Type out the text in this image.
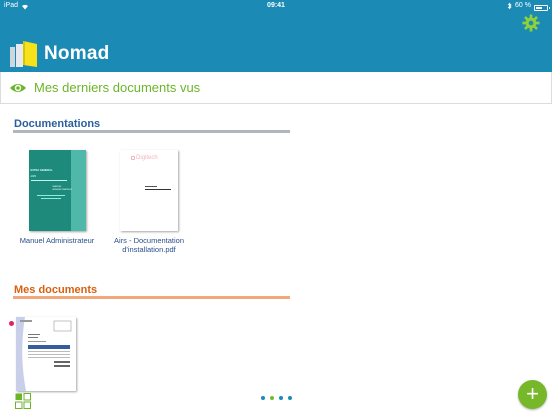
iPad	09:41	60 %
Nomad
Mes derniers documents vus
Documentations
EXTRA GENERAL
AIRS
MANUEL
ADMINISTRATEUR
Manuel Administrateur
Digitech
Airs - Documentation
d'installation.pdf
Mes documents
+
